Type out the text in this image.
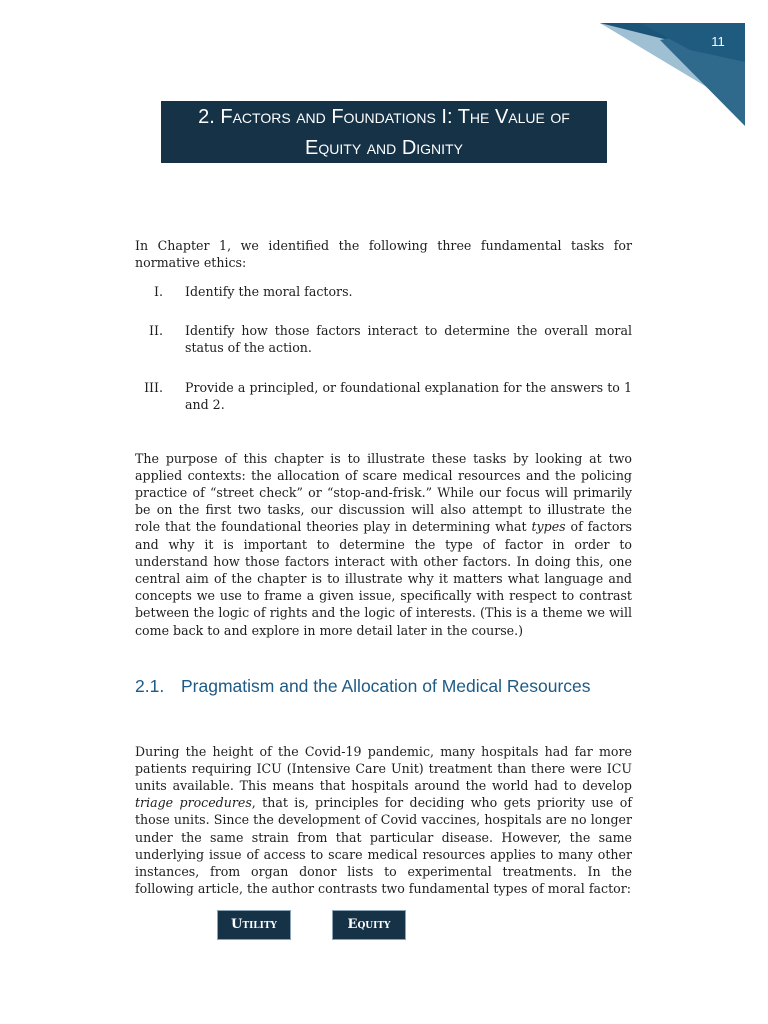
11
2. Factors and Foundations I: The Value of
Equity and Dignity

In Chapter 1, we identified the following three fundamental tasks for normative ethics:

I. Identify the moral factors.
II. Identify how those factors interact to determine the overall moral status of the action.
III. Provide a principled, or foundational explanation for the answers to 1 and 2.

The purpose of this chapter is to illustrate these tasks by looking at two applied contexts: the allocation of scare medical resources and the policing practice of “street check” or “stop-and-frisk.” While our focus will primarily be on the first two tasks, our discussion will also attempt to illustrate the role that the foundational theories play in determining what types of factors and why it is important to determine the type of factor in order to understand how those factors interact with other factors. In doing this, one central aim of the chapter is to illustrate why it matters what language and concepts we use to frame a given issue, specifically with respect to contrast between the logic of rights and the logic of interests. (This is a theme we will come back to and explore in more detail later in the course.)

2.1. Pragmatism and the Allocation of Medical Resources

During the height of the Covid-19 pandemic, many hospitals had far more patients requiring ICU (Intensive Care Unit) treatment than there were ICU units available. This means that hospitals around the world had to develop triage procedures, that is, principles for deciding who gets priority use of those units. Since the development of Covid vaccines, hospitals are no longer under the same strain from that particular disease. However, the same underlying issue of access to scare medical resources applies to many other instances, from organ donor lists to experimental treatments. In the following article, the author contrasts two fundamental types of moral factor:

Utility	Equity
